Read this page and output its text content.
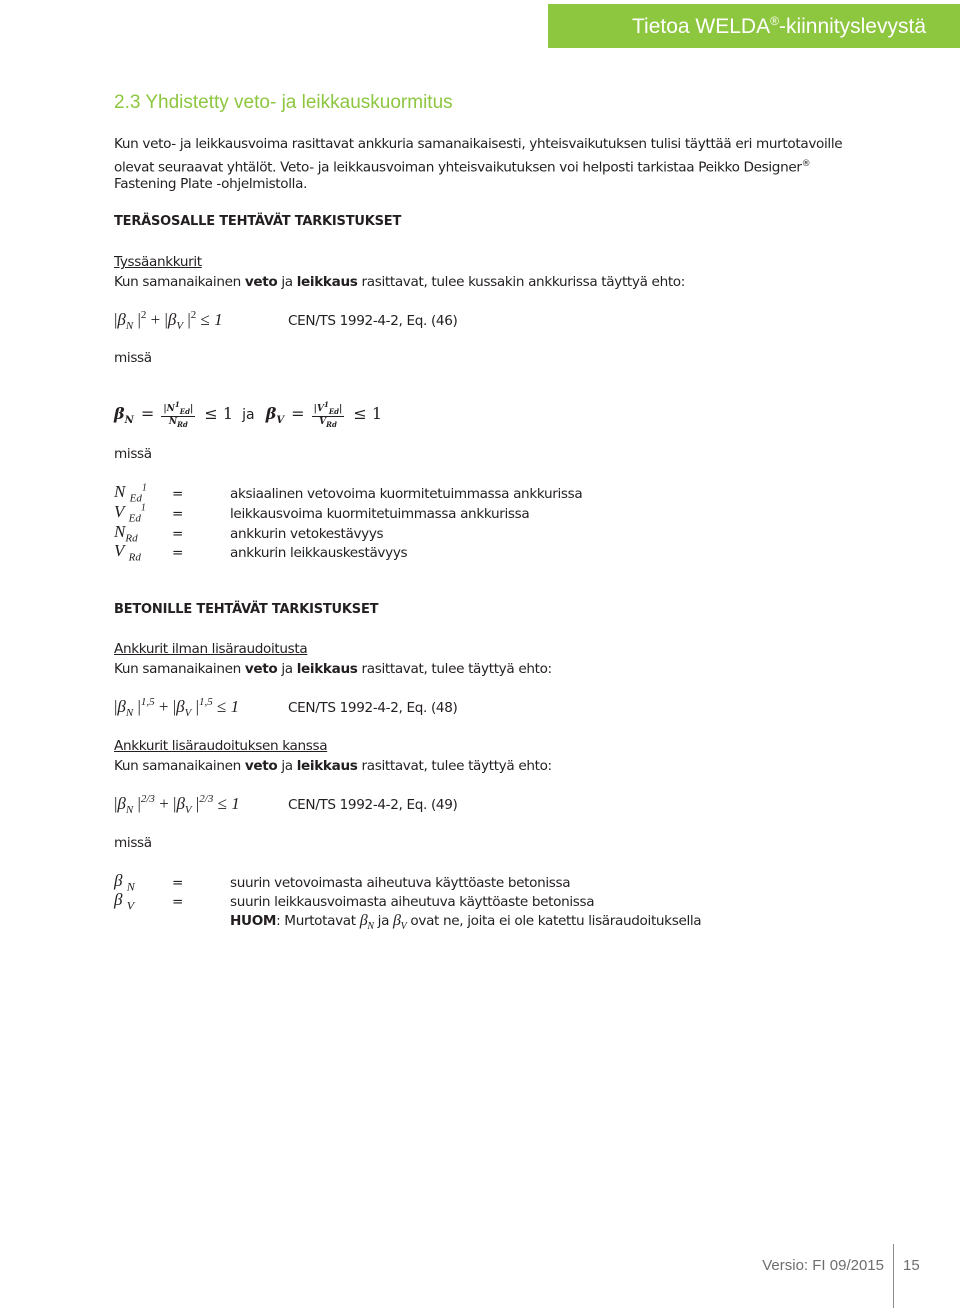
Tietoa WELDA®-kiinnityslevystä
2.3 Yhdistetty veto- ja leikkauskuormitus
Kun veto- ja leikkausvoima rasittavat ankkuria samanaikaisesti, yhteisvaikutuksen tulisi täyttää eri murtotavoille
olevat seuraavat yhtälöt. Veto- ja leikkausvoiman yhteisvaikutuksen voi helposti tarkistaa Peikko Designer®
Fastening Plate -ohjelmistolla.
TERÄSOSALLE TEHTÄVÄT TARKISTUKSET
Tyssäankkurit
Kun samanaikainen veto ja leikkaus rasittavat, tulee kussakin ankkurissa täyttyä ehto:
$|\beta_N$ $|^2 + |\beta_V$ $|^2 \le 1$	CEN/TS 1992-4-2, Eq. (46)
missä
$\beta_N = \frac{|N^1_{Ed}|}{N_{Rd}} \le 1$ ja $\beta_V = \frac{|V^1_{Ed}|}{V_{Rd}} \le 1$
missä
N $_{Ed}^1$ =	aksiaalinen vetovoima kuormitetuimmassa ankkurissa
V $_{Ed}^1$ =	leikkausvoima kuormitetuimmassa ankkurissa
$N_{Rd}$	=	ankkurin vetokestävyys
V $_{Rd}$ =	ankkurin leikkauskestävyys
BETONILLE TEHTÄVÄT TARKISTUKSET
Ankkurit ilman lisäraudoitusta
Kun samanaikainen veto ja leikkaus rasittavat, tulee täyttyä ehto:
$|\beta_N$ $|^{1,5} + |\beta_V$ $|^{1,5} \le 1$	CEN/TS 1992-4-2, Eq. (48)
Ankkurit lisäraudoituksen kanssa
Kun samanaikainen veto ja leikkaus rasittavat, tulee täyttyä ehto:
$|\beta_N$ $|^{2/3} + |\beta_V$ $|^{2/3} \le 1$	CEN/TS 1992-4-2, Eq. (49)
missä
β $_N$	=	suurin vetovoimasta aiheutuva käyttöaste betonissa
β $_V$	=	suurin leikkausvoimasta aiheutuva käyttöaste betonissa
HUOM: Murtotavat $\beta_N$ ja $\beta_V$ ovat ne, joita ei ole katettu lisäraudoituksella
Versio: FI 09/2015 15
